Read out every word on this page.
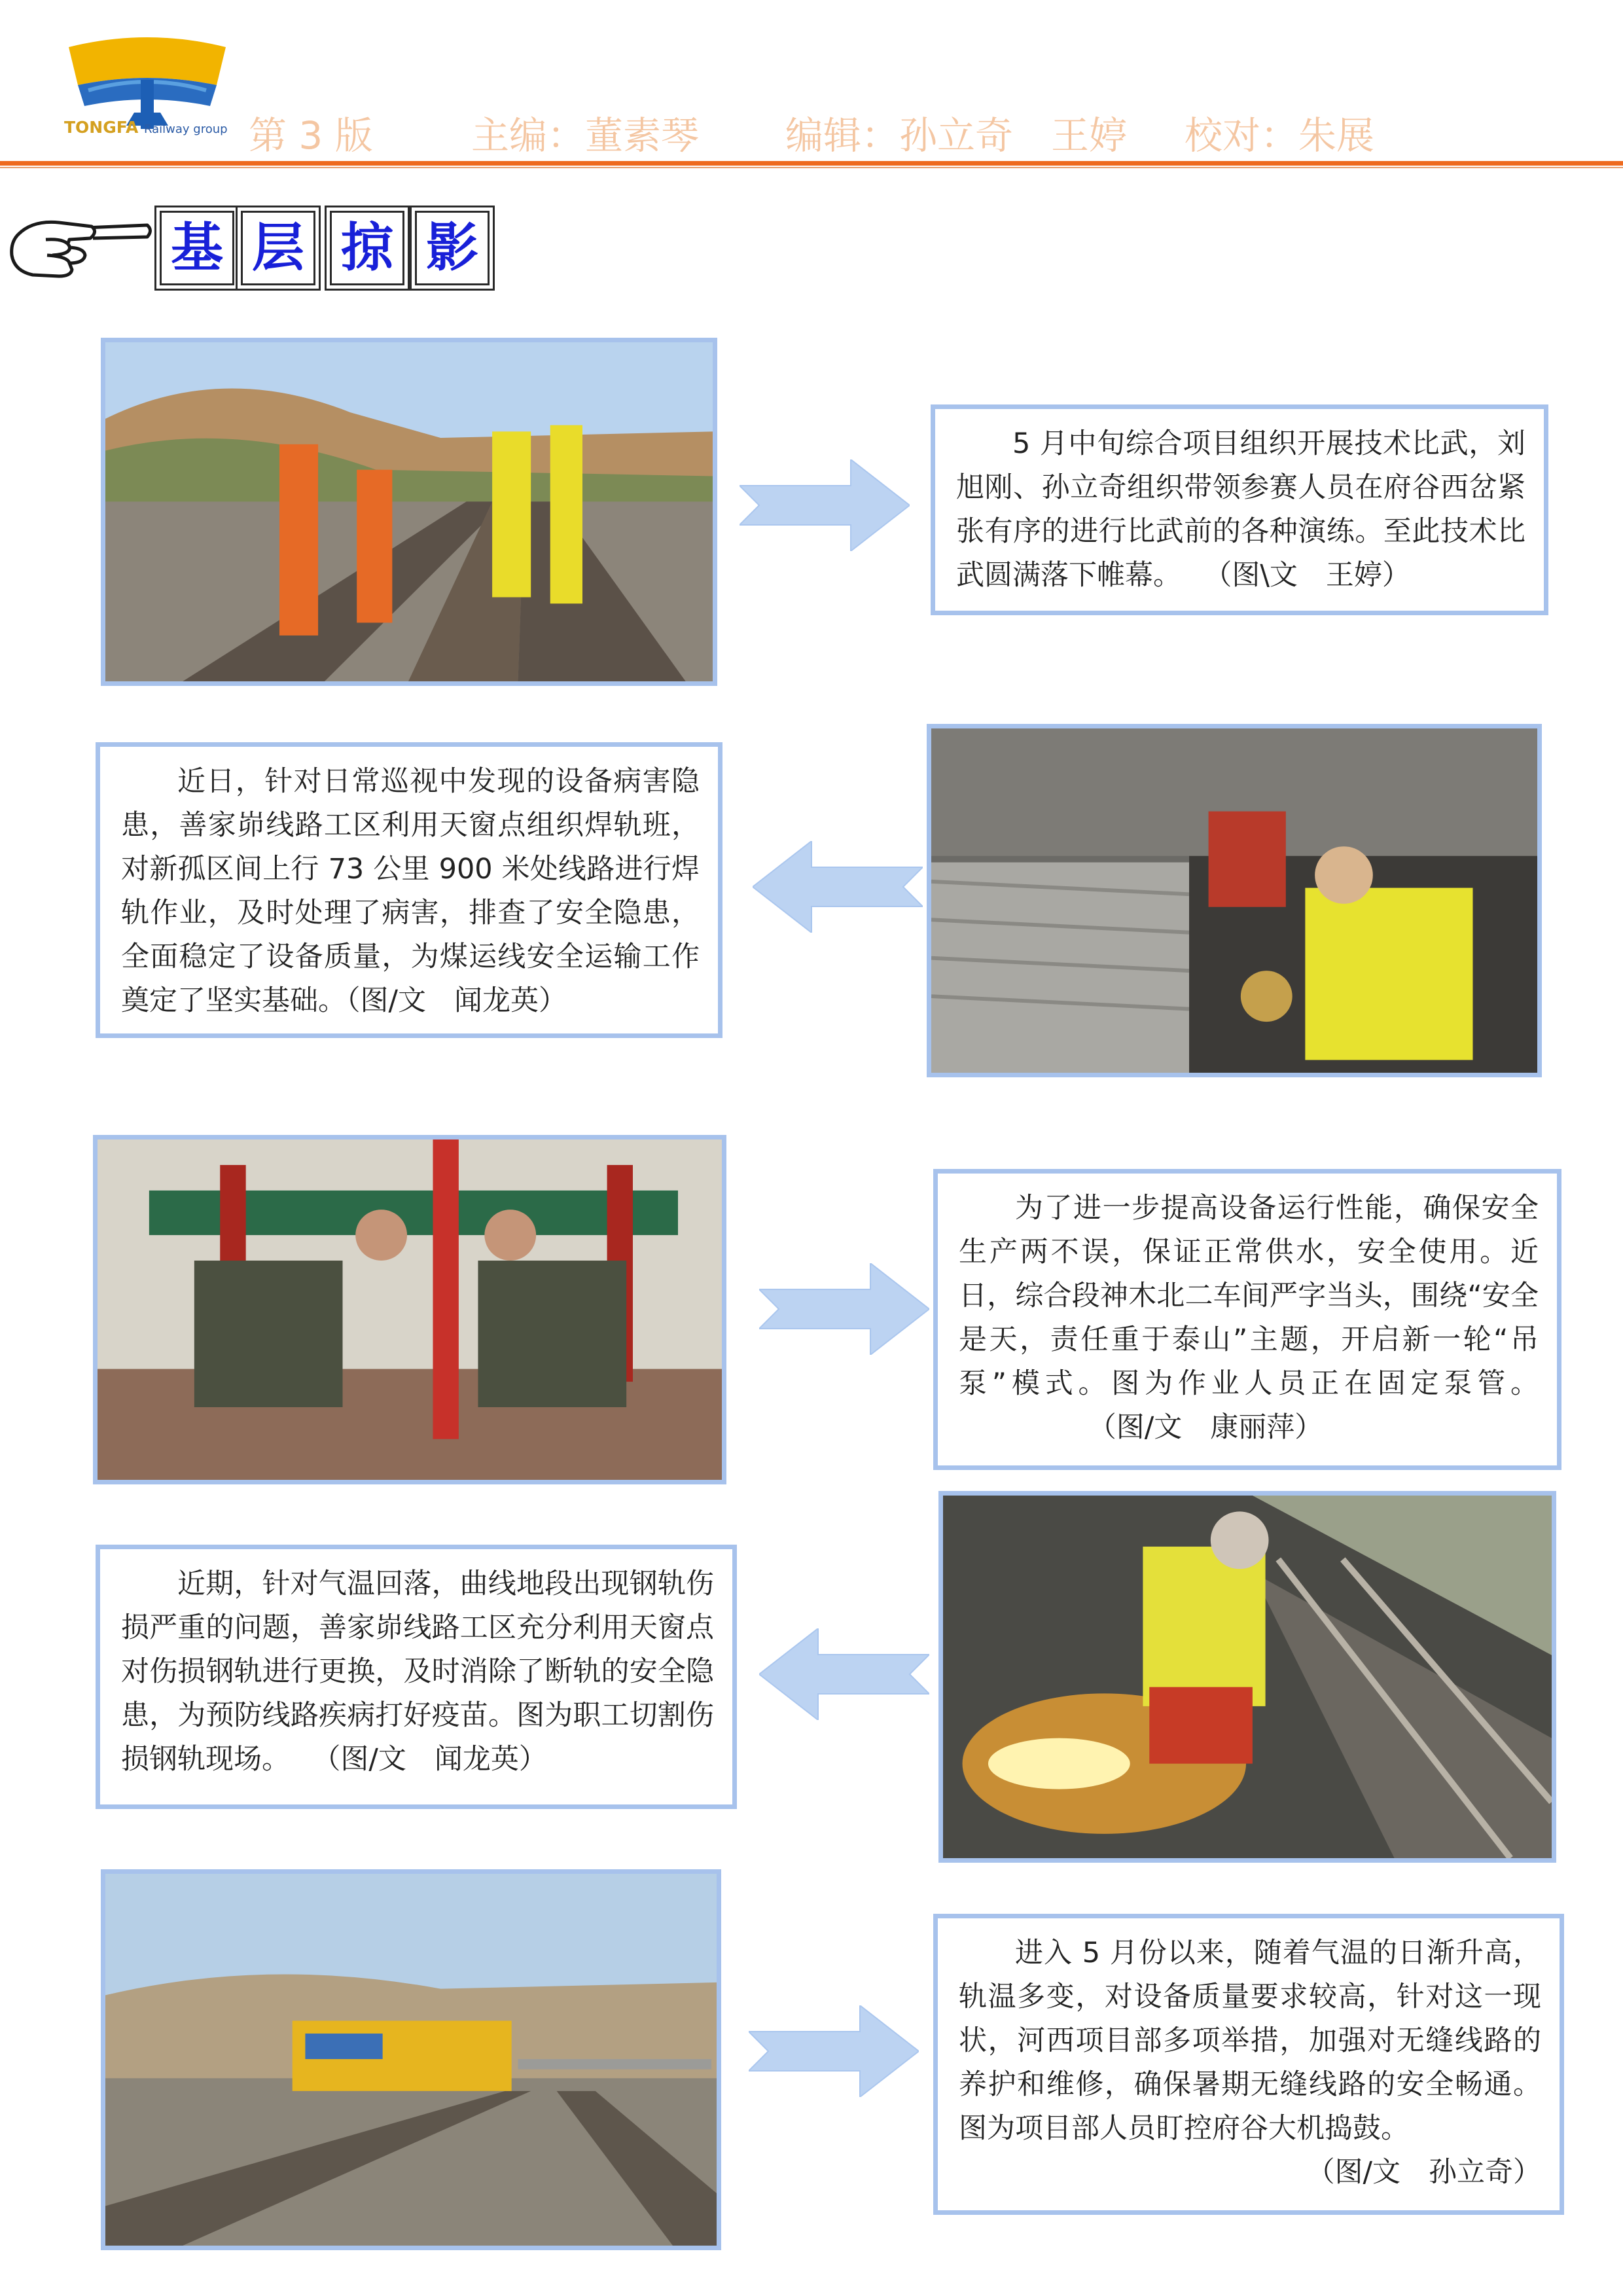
TONGFA Railway group 第 3 版	主编：董素琴 编辑：孙立奇　王婷 校对：朱展
基 层 掠 影

5 月中旬综合项目组织开展技术比武，刘旭刚、孙立奇组织带领参赛人员在府谷西岔紧张有序的进行比武前的各种演练。至此技术比武圆满落下帷幕。 （图\文　王婷）

近日，针对日常巡视中发现的设备病害隐患，善家峁线路工区利用天窗点组织焊轨班，对新孤区间上行 73 公里 900 米处线路进行焊轨作业，及时处理了病害，排查了安全隐患，全面稳定了设备质量，为煤运线安全运输工作奠定了坚实基础。（图/文　闻龙英）

为了进一步提高设备运行性能，确保安全生产两不误，保证正常供水，安全使用。近日，综合段神木北二车间严字当头，围绕“安全是天，责任重于泰山”主题，开启新一轮“吊泵”模式。图为作业人员正在固定泵管。（图/文　康丽萍）

近期，针对气温回落，曲线地段出现钢轨伤损严重的问题，善家峁线路工区充分利用天窗点对伤损钢轨进行更换，及时消除了断轨的安全隐患，为预防线路疾病打好疫苗。图为职工切割伤损钢轨现场。 （图/文　闻龙英）

进入 5 月份以来，随着气温的日渐升高，轨温多变，对设备质量要求较高，针对这一现状，河西项目部多项举措，加强对无缝线路的养护和维修，确保暑期无缝线路的安全畅通。图为项目部人员盯控府谷大机捣鼓。

（图/文　孙立奇）
